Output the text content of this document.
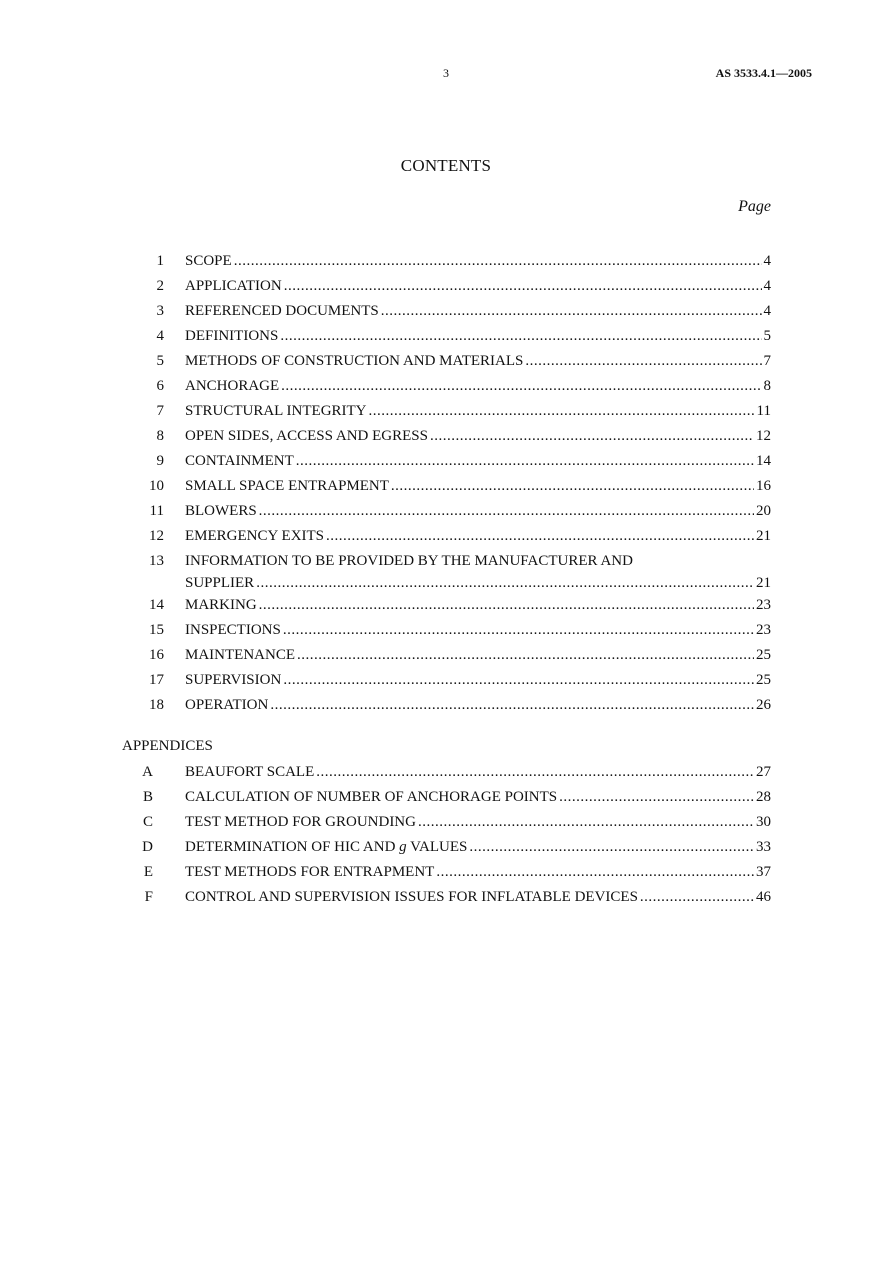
3	AS 3533.4.1—2005
CONTENTS
Page
1 SCOPE .....	4
2 APPLICATION .....	4
3 REFERENCED DOCUMENTS .....	4
4 DEFINITIONS .....	5
5 METHODS OF CONSTRUCTION AND MATERIALS .....	7
6 ANCHORAGE .....	8
7 STRUCTURAL INTEGRITY .....	11
8 OPEN SIDES, ACCESS AND EGRESS .....	12
9 CONTAINMENT .....	14
10 SMALL SPACE ENTRAPMENT .....	16
11 BLOWERS .....	20
12 EMERGENCY EXITS .....	21
13 INFORMATION TO BE PROVIDED BY THE MANUFACTURER AND
SUPPLIER .....	21
14 MARKING .....	23
15 INSPECTIONS .....	23
16 MAINTENANCE .....	25
17 SUPERVISION .....	25
18 OPERATION .....	26
APPENDICES
A BEAUFORT SCALE .....	27
B CALCULATION OF NUMBER OF ANCHORAGE POINTS .....	28
C TEST METHOD FOR GROUNDING .....	30
D DETERMINATION OF HIC AND g VALUES .....	33
E TEST METHODS FOR ENTRAPMENT .....	37
F CONTROL AND SUPERVISION ISSUES FOR INFLATABLE DEVICES .....	46
